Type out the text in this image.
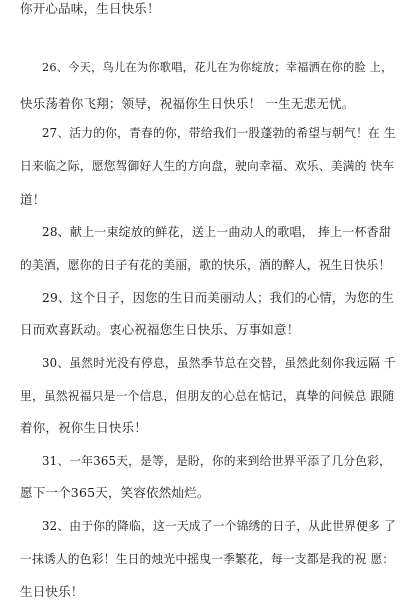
你开心品味，生日快乐！
26、今天，鸟儿在为你歌唱，花儿在为你绽放；幸福洒在你的脸 上，
快乐荡着你飞翔；领导，祝福你生日快乐！ 一生无悲无忧。
27、活力的你，青春的你，带给我们一股蓬勃的希望与朝气！在 生
日来临之际，愿您驾御好人生的方向盘，驶向幸福、欢乐、美满的 快车
道！
28、献上一束绽放的鲜花，送上一曲动人的歌唱， 捧上一杯香甜
的美酒，愿你的日子有花的美丽，歌的快乐，酒的醉人，祝生日快乐！
29、这个日子，因您的生日而美丽动人；我们的心情，为您的生
日而欢喜跃动。衷心祝福您生日快乐、万事如意！
30、虽然时光没有停息，虽然季节总在交替，虽然此刻你我远隔 千
里，虽然祝福只是一个信息，但朋友的心总在惦记，真挚的问候总 跟随
着你，祝你生日快乐！
31、一年365天，是等，是盼，你的来到给世界平添了几分色彩，
愿下一个365天，笑容依然灿烂。
32、由于你的降临，这一天成了一个锦绣的日子，从此世界便多 了
一抹诱人的色彩！生日的烛光中摇曳一季繁花，每一支都是我的祝 愿：
生日快乐！
